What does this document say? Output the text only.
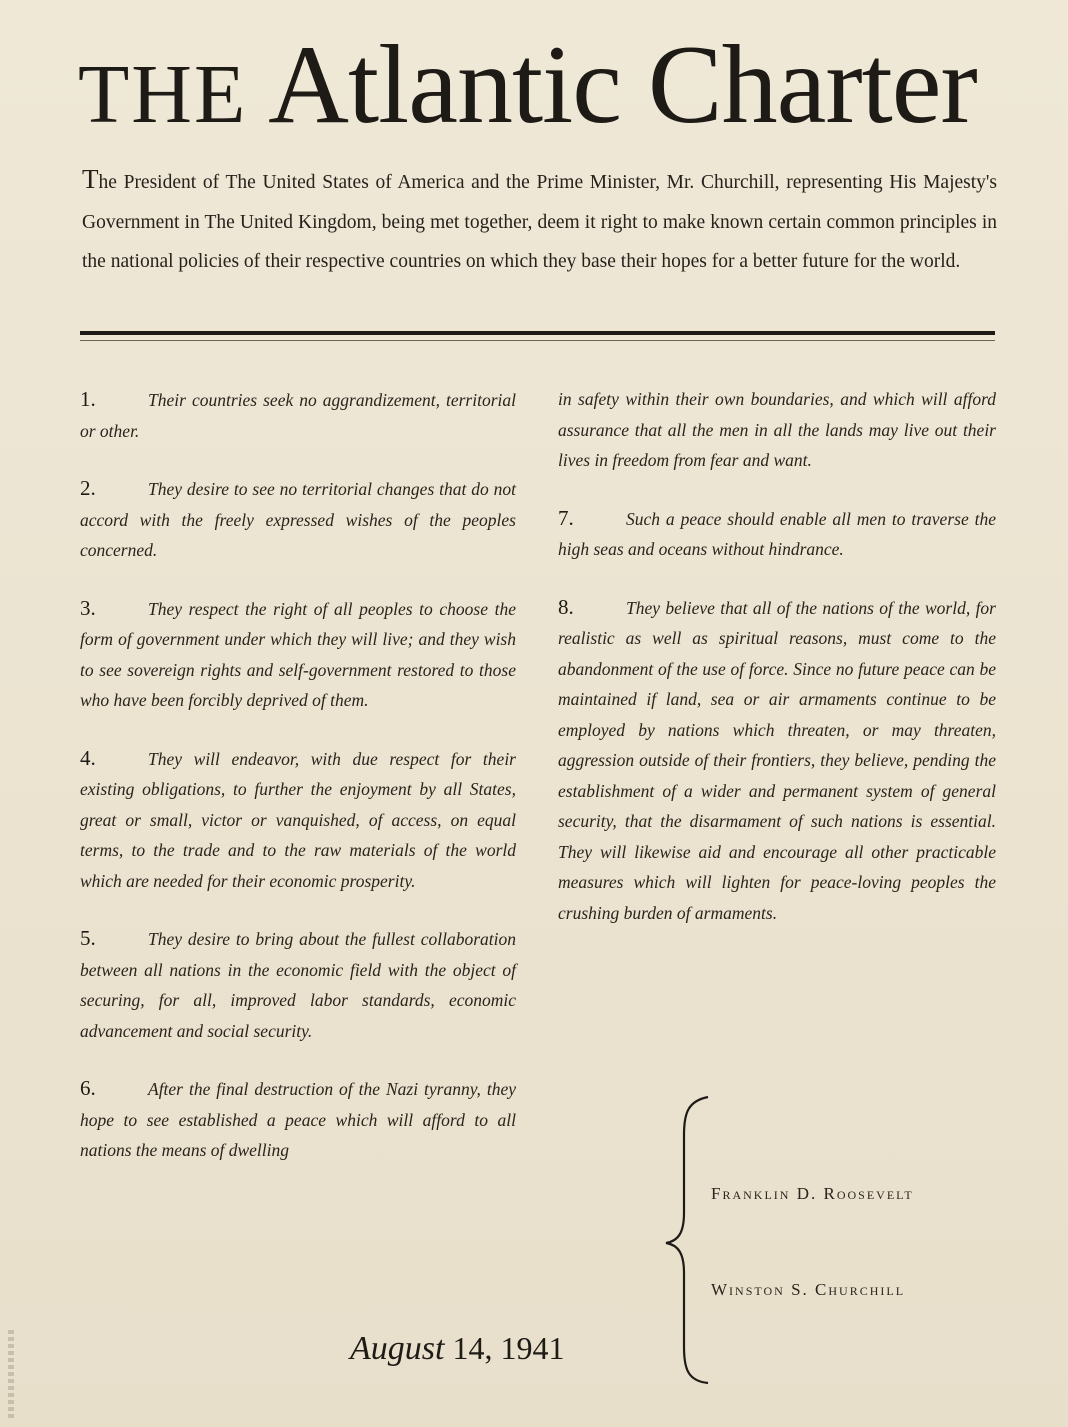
THE Atlantic Charter
The President of The United States of America and the Prime Minister, Mr. Churchill, representing His Majesty's Government in The United Kingdom, being met together, deem it right to make known certain common principles in the national policies of their respective countries on which they base their hopes for a better future for the world.
1.	Their countries seek no aggrandizement, territorial or other.
2.	They desire to see no territorial changes that do not accord with the freely expressed wishes of the peoples concerned.
3.	They respect the right of all peoples to choose the form of government under which they will live; and they wish to see sovereign rights and self-government restored to those who have been forcibly deprived of them.
4.	They will endeavor, with due respect for their existing obligations, to further the enjoyment by all States, great or small, victor or vanquished, of access, on equal terms, to the trade and to the raw materials of the world which are needed for their economic prosperity.
5.	They desire to bring about the fullest collaboration between all nations in the economic field with the object of securing, for all, improved labor standards, economic advancement and social security.
6.	After the final destruction of the Nazi tyranny, they hope to see established a peace which will afford to all nations the means of dwelling
in safety within their own boundaries, and which will afford assurance that all the men in all the lands may live out their lives in freedom from fear and want.
7.	Such a peace should enable all men to traverse the high seas and oceans without hindrance.
8.	They believe that all of the nations of the world, for realistic as well as spiritual reasons, must come to the abandonment of the use of force. Since no future peace can be maintained if land, sea or air armaments continue to be employed by nations which threaten, or may threaten, aggression outside of their frontiers, they believe, pending the establishment of a wider and permanent system of general security, that the disarmament of such nations is essential. They will likewise aid and encourage all other practicable measures which will lighten for peace-loving peoples the crushing burden of armaments.
Franklin D. Roosevelt
Winston S. Churchill
August 14, 1941
